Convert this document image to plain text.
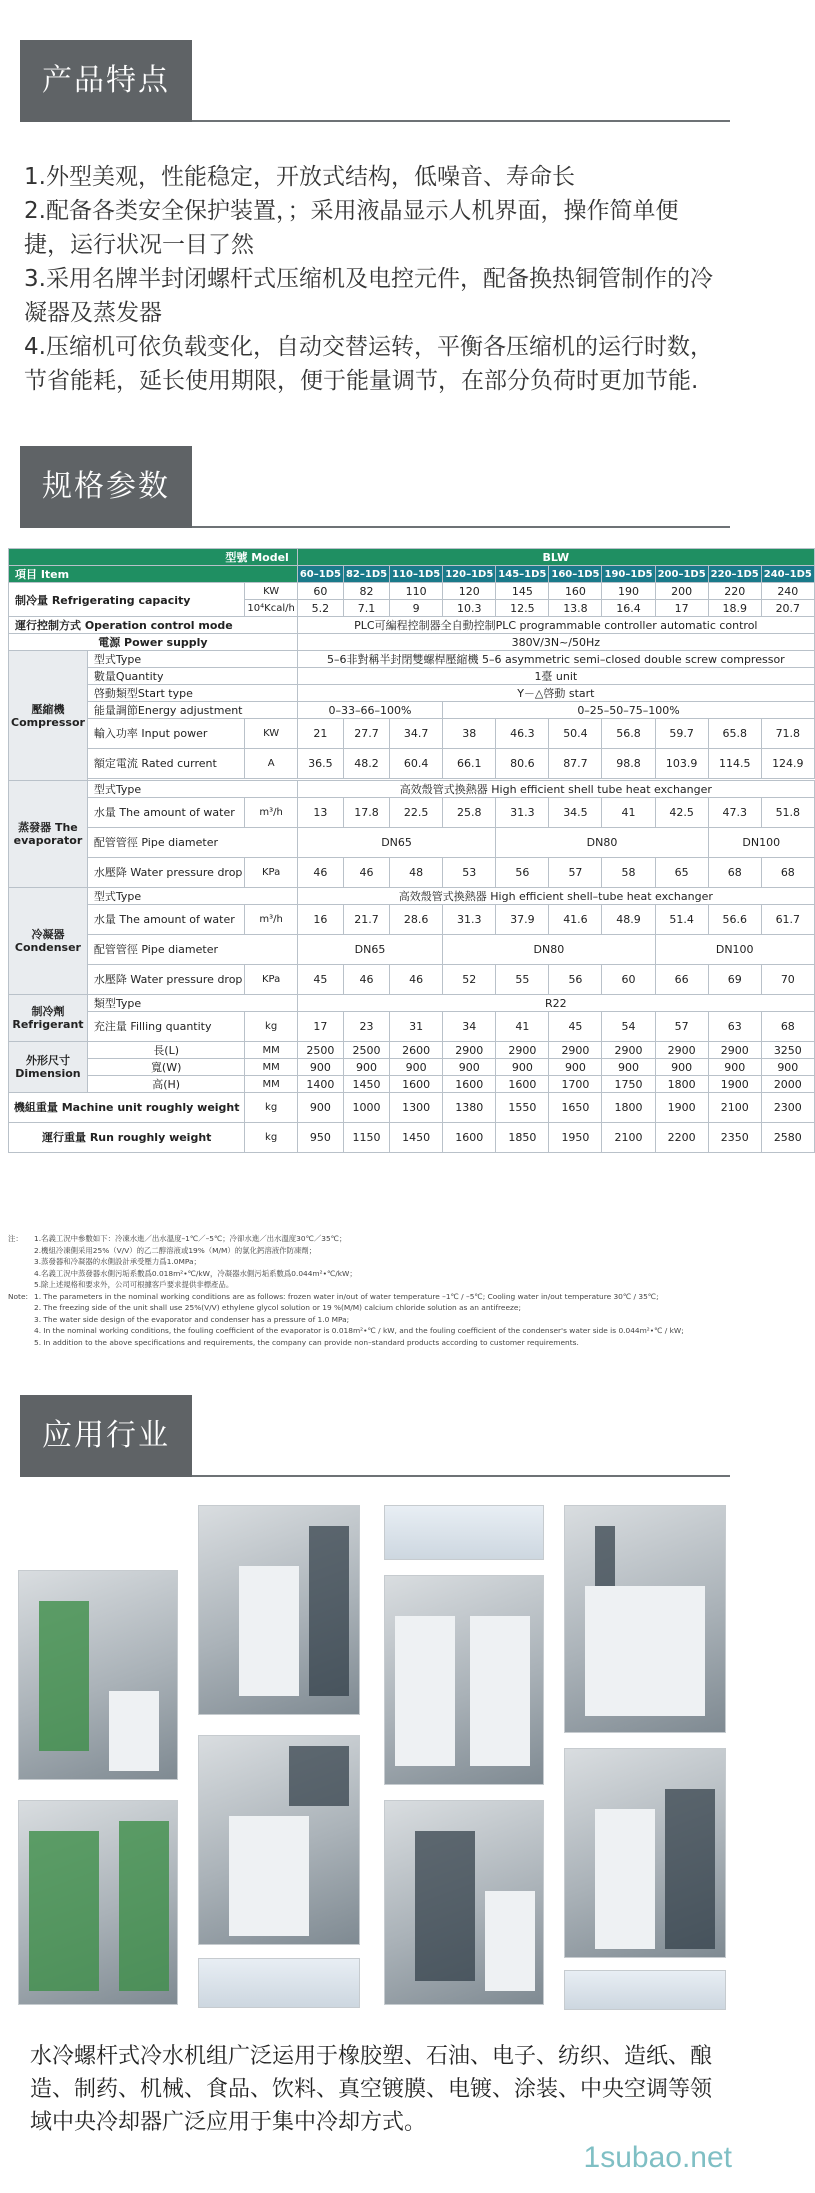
产品特点

1.外型美观，性能稳定，开放式结构，低噪音、寿命长

2.配备各类安全保护装置，；采用液晶显示人机界面，操作简单便捷，运行状况一目了然

3.采用名牌半封闭螺杆式压缩机及电控元件，配备换热铜管制作的冷凝器及蒸发器

4.压缩机可依负载变化，自动交替运转，平衡各压缩机的运行时数，节省能耗，延长使用期限，便于能量调节，在部分负荷时更加节能.

规格参数
型號 Model			BLW									
項目 Item			60–1D5	82–1D5	110–1D5	120–1D5	145–1D5	160–1D5	190–1D5	200–1D5	220–1D5	240–1D5
制冷量 Refrigerating capacity		KW	60	82	110	120	145	160	190	200	220	240
		10⁴Kcal/h	5.2	7.1	9	10.3	12.5	13.8	16.4	17	18.9	20.7
運行控制方式 Operation control mode			PLC可編程控制器全自動控制PLC programmable controller automatic control									
電源 Power supply			380V/3N~/50Hz									
壓縮機 Compressor	型式Type		5–6非對稱半封閉雙螺桿壓縮機 5–6 asymmetric semi–closed double screw compressor									
	數量Quantity		1臺 unit									
	啓動類型Start type		Y－△啓動 start									
	能量調節Energy adjustment		0–33–66–100%			0–25–50–75–100%						
	輸入功率 Input power	KW	21	27.7	34.7	38	46.3	50.4	56.8	59.7	65.8	71.8
	額定電流 Rated current	A	36.5	48.2	60.4	66.1	80.6	87.7	98.8	103.9	114.5	124.9

蒸發器 The evaporator	型式Type		高效殼管式換熱器 High efficient shell tube heat exchanger									
	水量 The amount of water	m³/h	13	17.8	22.5	25.8	31.3	34.5	41	42.5	47.3	51.8
	配管管徑 Pipe diameter		DN65				DN80				DN100	
	水壓降 Water pressure drop	KPa	46	46	48	53	56	57	58	65	68	68
冷凝器 Condenser	型式Type		高效殼管式換熱器 High efficient shell–tube heat exchanger									
	水量 The amount of water	m³/h	16	21.7	28.6	31.3	37.9	41.6	48.9	51.4	56.6	61.7
	配管管徑 Pipe diameter		DN65			DN80				DN100		
	水壓降 Water pressure drop	KPa	45	46	46	52	55	56	60	66	69	70
制冷劑 Refrigerant	類型Type		R22									
	充注量 Filling quantity	kg	17	23	31	34	41	45	54	57	63	68
外形尺寸 Dimension	長(L)	MM	2500	2500	2600	2900	2900	2900	2900	2900	2900	3250
	寬(W)	MM	900	900	900	900	900	900	900	900	900	900
	高(H)	MM	1400	1450	1600	1600	1600	1700	1750	1800	1900	2000
機組重量 Machine unit roughly weight		kg	900	1000	1300	1380	1550	1650	1800	1900	2100	2300
運行重量 Run roughly weight		kg	950	1150	1450	1600	1850	1950	2100	2200	2350	2580
注：	1.名義工況中參數如下：冷凍水進／出水溫度–1℃／–5℃；冷卻水進／出水溫度30℃／35℃；
2.機組冷凍側采用25%（V/V）的乙二醇溶液或19%（M/M）的氯化鈣溶液作防凍劑；
3.蒸發器和冷凝器的水側設計承受壓力爲1.0MPa；
4.名義工況中蒸發器水側污垢系數爲0.018m²•℃/kW，冷凝器水側污垢系數爲0.044m²•℃/kW；
5.除上述規格和要求外，公司可根據客戶要求提供非標產品。
Note: 1. The parameters in the nominal working conditions are as follows: frozen water in/out of water temperature –1℃ / –5℃; Cooling water in/out temperature 30℃ / 35℃;
2. The freezing side of the unit shall use 25%(V/V) ethylene glycol solution or 19 %(M/M) calcium chloride solution as an antifreeze;
3. The water side design of the evaporator and condenser has a pressure of 1.0 MPa;
4. In the nominal working conditions, the fouling coefficient of the evaporator is 0.018m²•℃ / kW, and the fouling coefficient of the condenser's water side is 0.044m²•℃ / kW;
5. In addition to the above specifications and requirements, the company can provide non–standard products according to customer requirements.
应用行业

水冷螺杆式冷水机组广泛运用于橡胶塑、石油、电子、纺织、造纸、酿造、制药、机械、食品、饮料、真空镀膜、电镀、涂装、中央空调等领域中央冷却器广泛应用于集中冷却方式。

1subao.net
